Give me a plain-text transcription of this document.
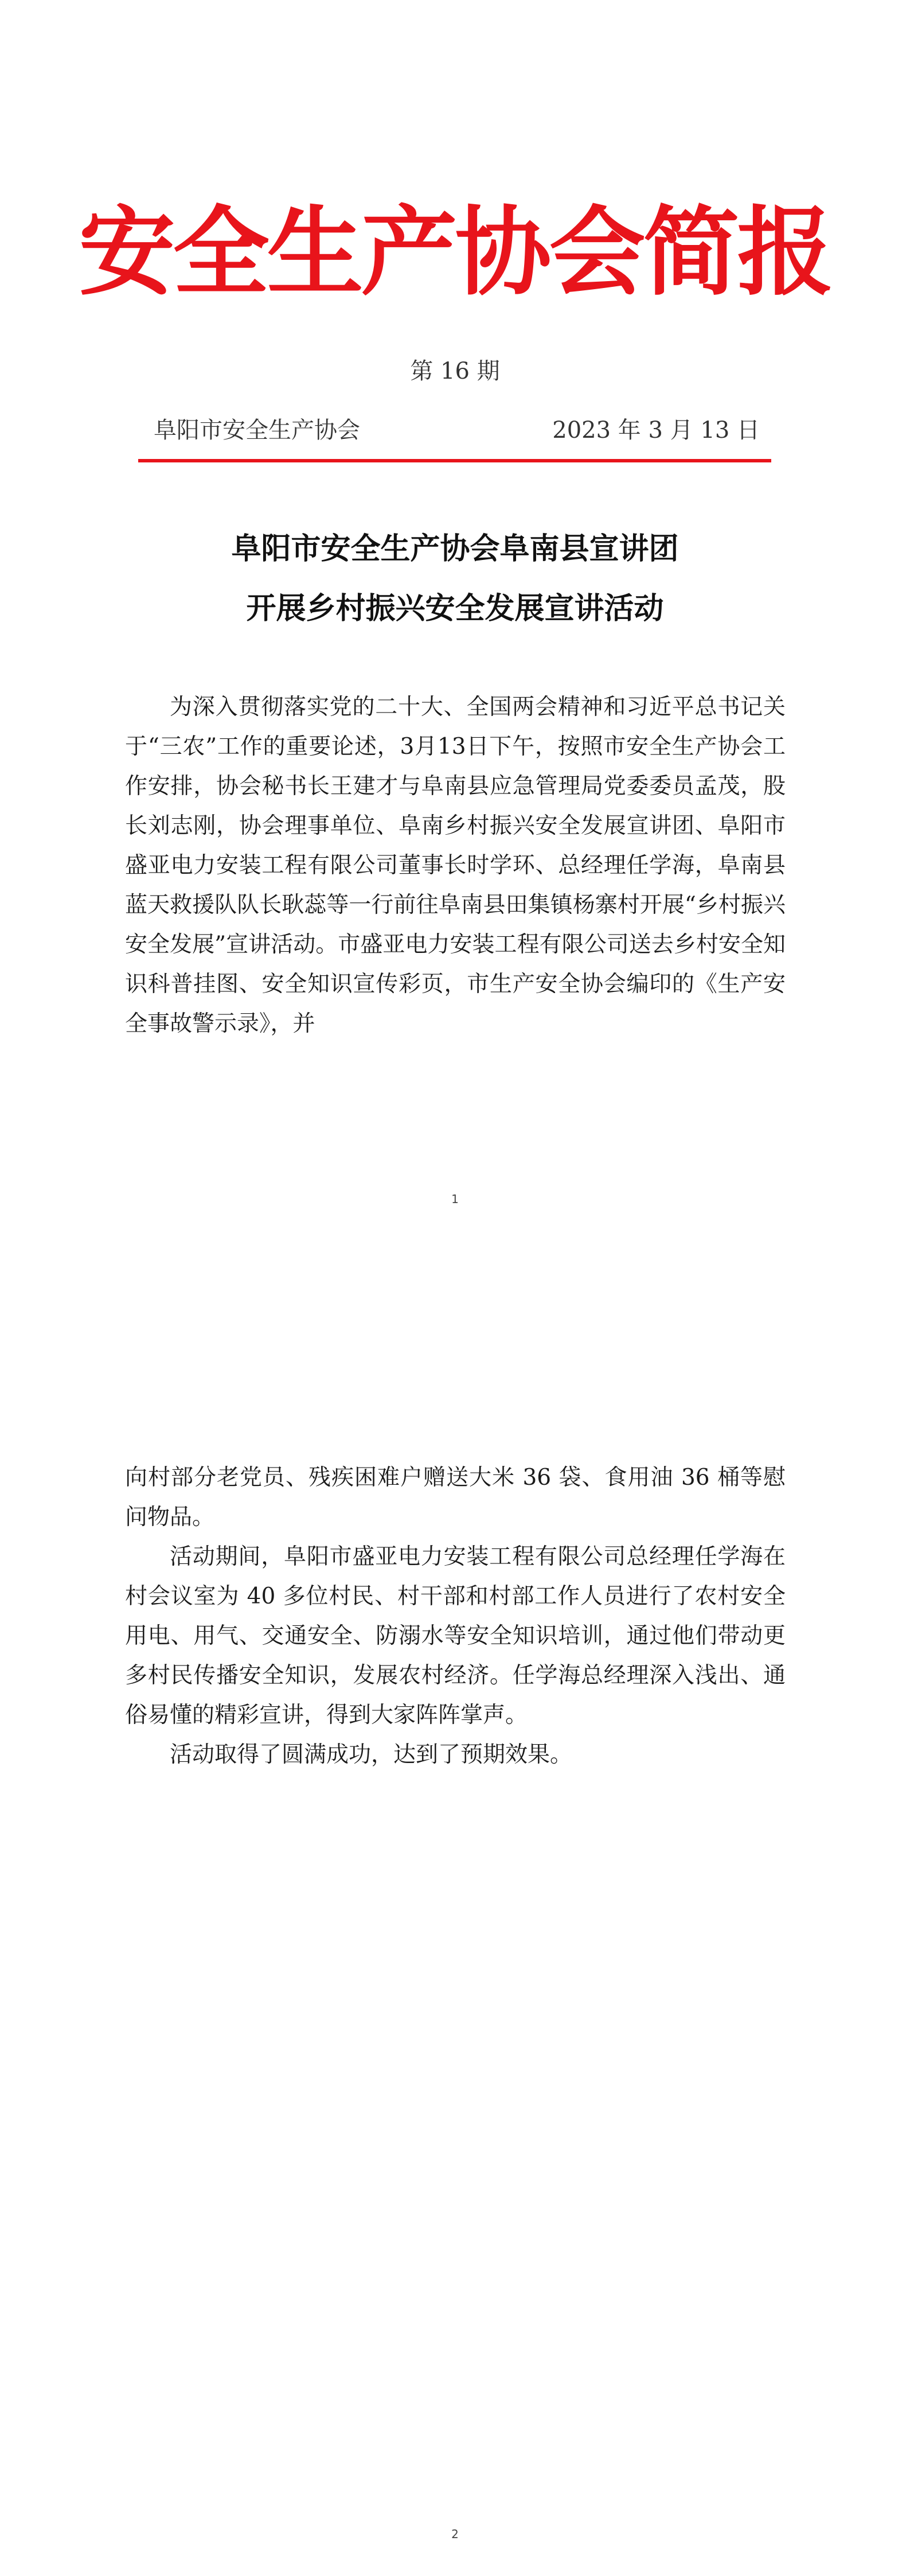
安全生产协会简报
第 16 期
阜阳市安全生产协会	2023 年 3 月 13 日
阜阳市安全生产协会阜南县宣讲团
开展乡村振兴安全发展宣讲活动

为深入贯彻落实党的二十大、全国两会精神和习近平总书记关于“三农”工作的重要论述，3月13日下午，按照市安全生产协会工作安排，协会秘书长王建才与阜南县应急管理局党委委员孟茂，股长刘志刚，协会理事单位、阜南乡村振兴安全发展宣讲团、阜阳市盛亚电力安装工程有限公司董事长时学环、总经理任学海，阜南县蓝天救援队队长耿蕊等一行前往阜南县田集镇杨寨村开展“乡村振兴安全发展”宣讲活动。市盛亚电力安装工程有限公司送去乡村安全知识科普挂图、安全知识宣传彩页，市生产安全协会编印的《生产安全事故警示录》，并

1

向村部分老党员、残疾困难户赠送大米 36 袋、食用油 36 桶等慰问物品。

活动期间，阜阳市盛亚电力安装工程有限公司总经理任学海在村会议室为 40 多位村民、村干部和村部工作人员进行了农村安全用电、用气、交通安全、防溺水等安全知识培训，通过他们带动更多村民传播安全知识，发展农村经济。任学海总经理深入浅出、通俗易懂的精彩宣讲，得到大家阵阵掌声。

活动取得了圆满成功，达到了预期效果。

2
